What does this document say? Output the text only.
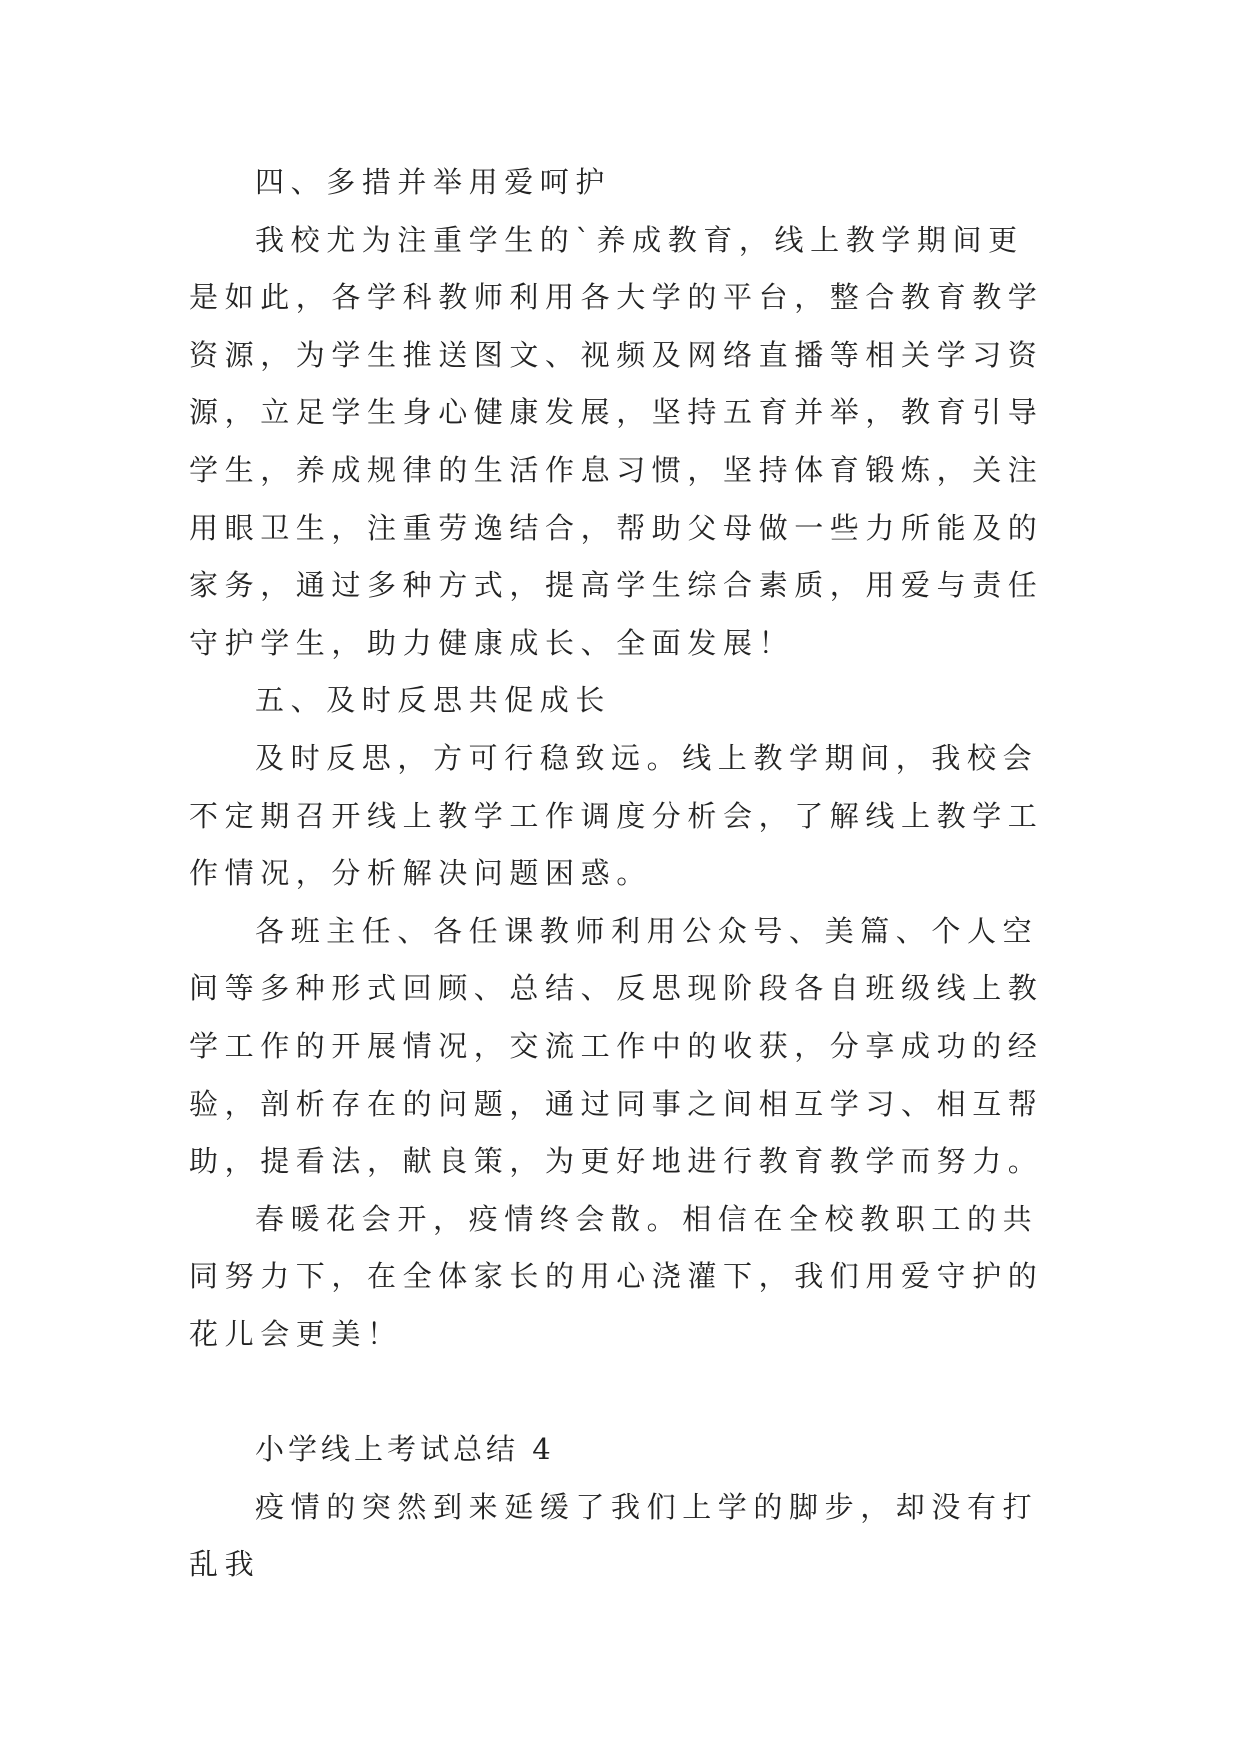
四、多措并举用爱呵护

我校尤为注重学生的`养成教育，线上教学期间更是如此，各学科教师利用各大学的平台，整合教育教学资源，为学生推送图文、视频及网络直播等相关学习资源，立足学生身心健康发展，坚持五育并举，教育引导学生，养成规律的生活作息习惯，坚持体育锻炼，关注用眼卫生，注重劳逸结合，帮助父母做一些力所能及的家务，通过多种方式，提高学生综合素质，用爱与责任守护学生，助力健康成长、全面发展！

五、及时反思共促成长

及时反思，方可行稳致远。线上教学期间，我校会不定期召开线上教学工作调度分析会，了解线上教学工作情况，分析解决问题困惑。

各班主任、各任课教师利用公众号、美篇、个人空间等多种形式回顾、总结、反思现阶段各自班级线上教学工作的开展情况，交流工作中的收获，分享成功的经验，剖析存在的问题，通过同事之间相互学习、相互帮助，提看法，献良策，为更好地进行教育教学而努力。

春暖花会开，疫情终会散。相信在全校教职工的共同努力下，在全体家长的用心浇灌下，我们用爱守护的花儿会更美！

小学线上考试总结 4

疫情的突然到来延缓了我们上学的脚步，却没有打乱我
